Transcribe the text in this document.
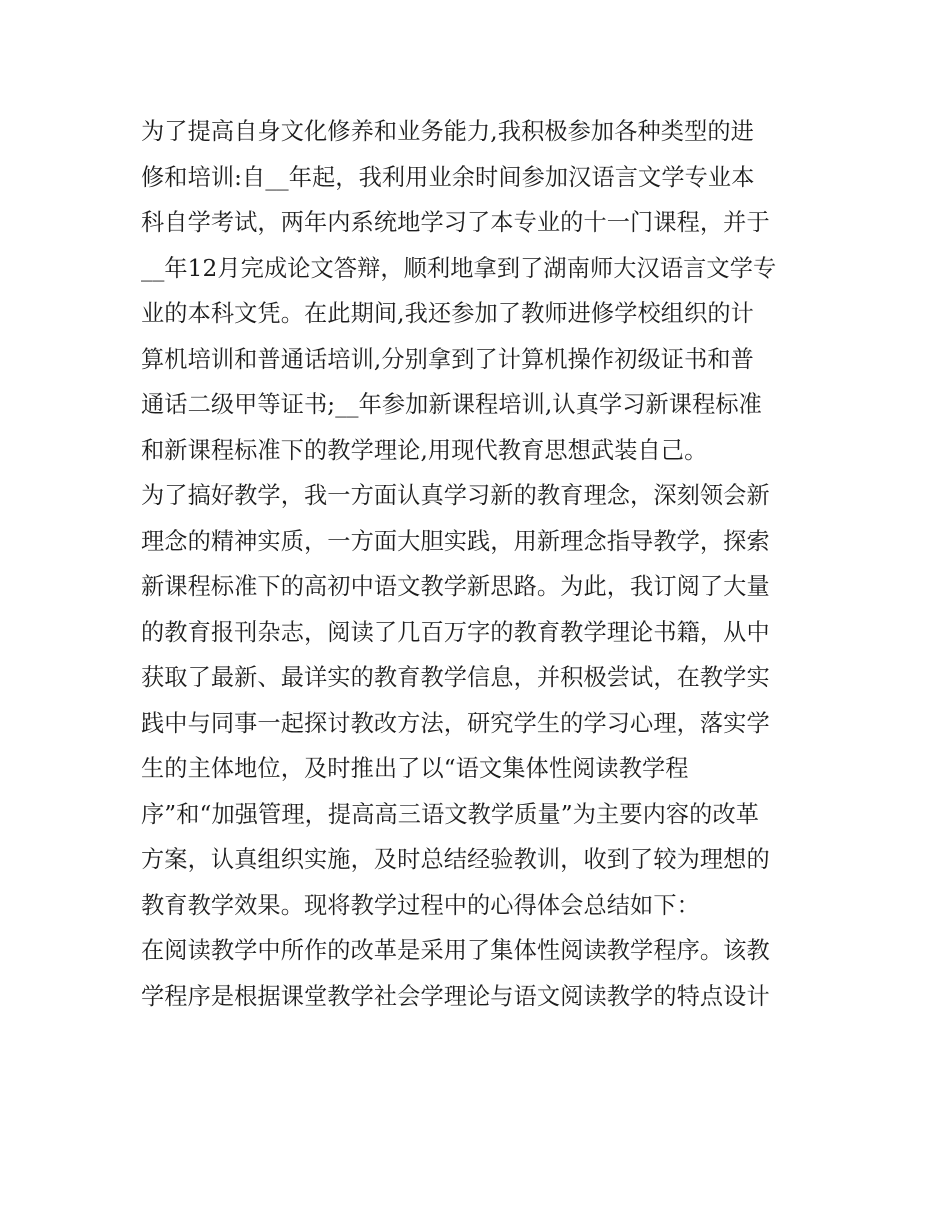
为了提高自身文化修养和业务能力,我积极参加各种类型的进
修和培训:自__年起，我利用业余时间参加汉语言文学专业本
科自学考试，两年内系统地学习了本专业的十一门课程，并于
__年12月完成论文答辩，顺利地拿到了湖南师大汉语言文学专
业的本科文凭。在此期间,我还参加了教师进修学校组织的计
算机培训和普通话培训,分别拿到了计算机操作初级证书和普
通话二级甲等证书;__年参加新课程培训,认真学习新课程标准
和新课程标准下的教学理论,用现代教育思想武装自己。
为了搞好教学，我一方面认真学习新的教育理念，深刻领会新
理念的精神实质，一方面大胆实践，用新理念指导教学，探索
新课程标准下的高初中语文教学新思路。为此，我订阅了大量
的教育报刊杂志，阅读了几百万字的教育教学理论书籍，从中
获取了最新、最详实的教育教学信息，并积极尝试，在教学实
践中与同事一起探讨教改方法，研究学生的学习心理，落实学
生的主体地位，及时推出了以“语文集体性阅读教学程
序”和“加强管理，提高高三语文教学质量”为主要内容的改革
方案，认真组织实施，及时总结经验教训，收到了较为理想的
教育教学效果。现将教学过程中的心得体会总结如下：
在阅读教学中所作的改革是采用了集体性阅读教学程序。该教
学程序是根据课堂教学社会学理论与语文阅读教学的特点设计
